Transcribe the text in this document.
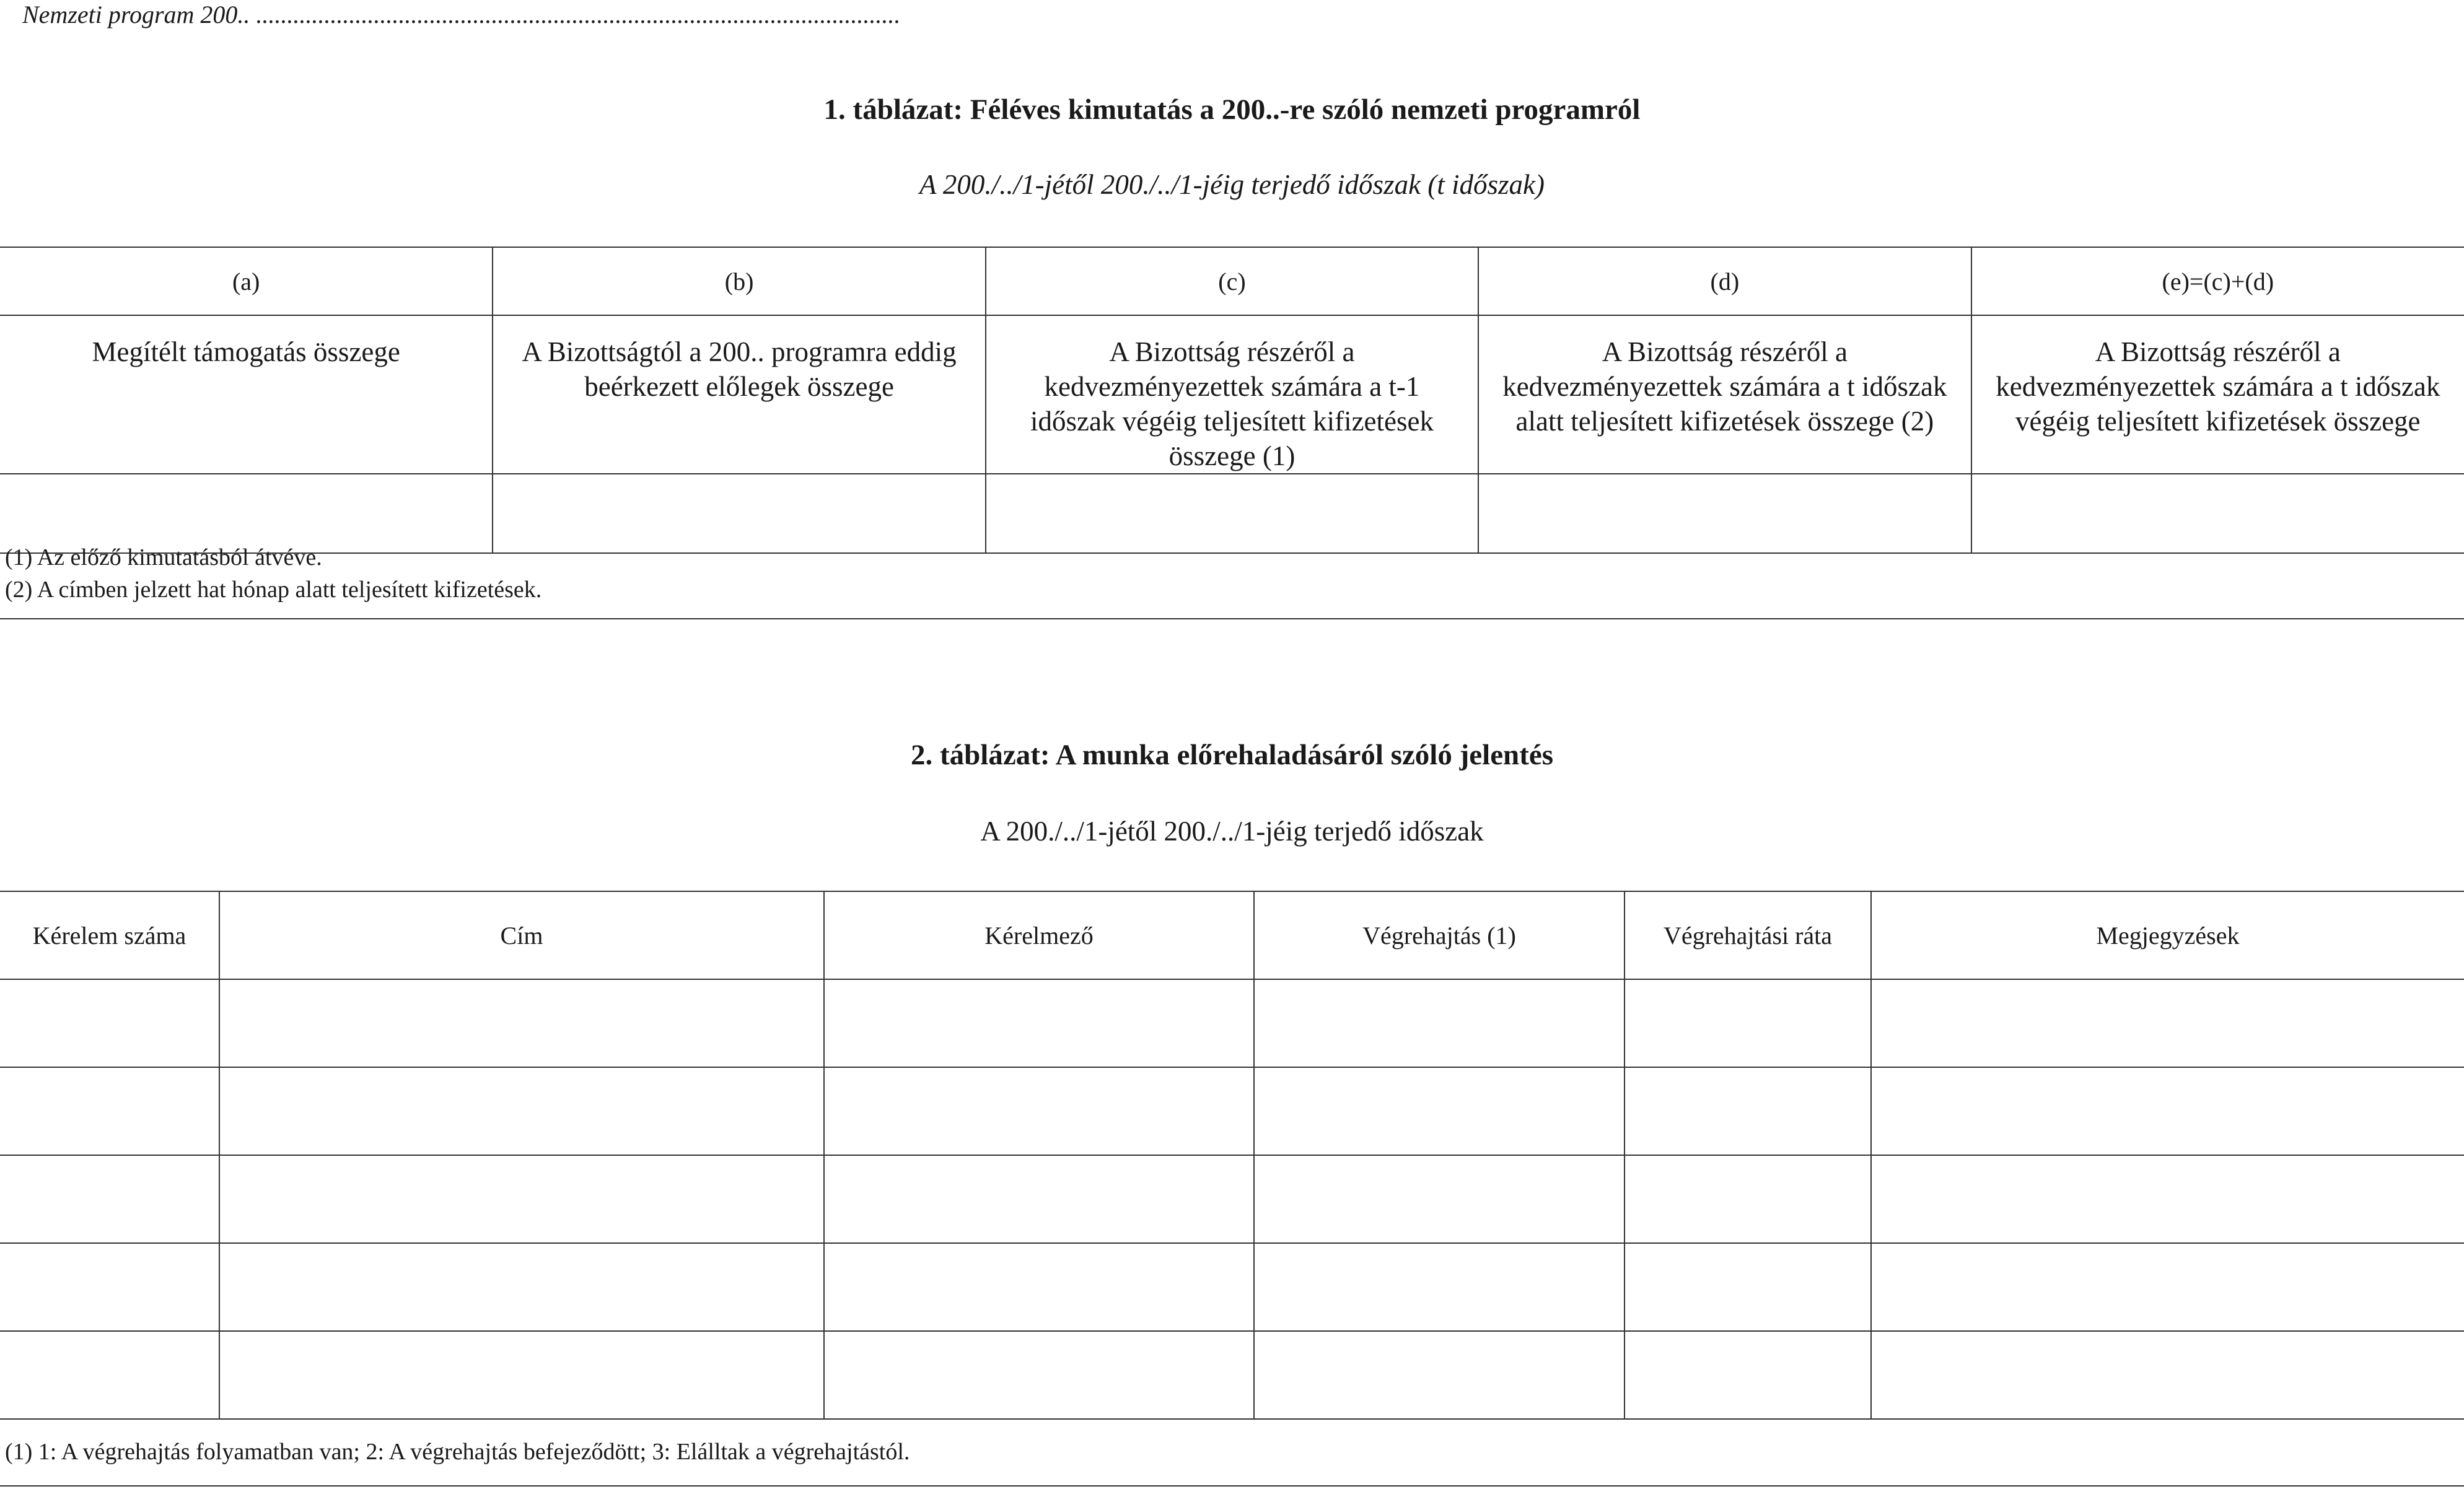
Nemzeti program 200.. ........................................................................................................
1. táblázat: Féléves kimutatás a 200..-re szóló nemzeti programról
A 200./../1-jétől 200./../1-jéig terjedő időszak (t időszak)
(a)	(b)	(c)	(d)	(e)=(c)+(d)
Megítélt támogatás összege	A Bizottságtól a 200.. programra eddig beérkezett előlegek összege	A Bizottság részéről a kedvezményezettek számára a t-1 időszak végéig teljesített kifizetések összege (1)	A Bizottság részéről a kedvezményezettek számára a t időszak alatt teljesített kifizetések összege (2)	A Bizottság részéről a kedvezményezettek számára a t időszak végéig teljesített kifizetések összege

(1) Az előző kimutatásból átvéve.
(2) A címben jelzett hat hónap alatt teljesített kifizetések.
2. táblázat: A munka előrehaladásáról szóló jelentés
A 200./../1-jétől 200./../1-jéig terjedő időszak
Kérelem száma	Cím	Kérelmező	Végrehajtás (1)	Végrehajtási ráta	Megjegyzések

(1) 1: A végrehajtás folyamatban van; 2: A végrehajtás befejeződött; 3: Elálltak a végrehajtástól.
